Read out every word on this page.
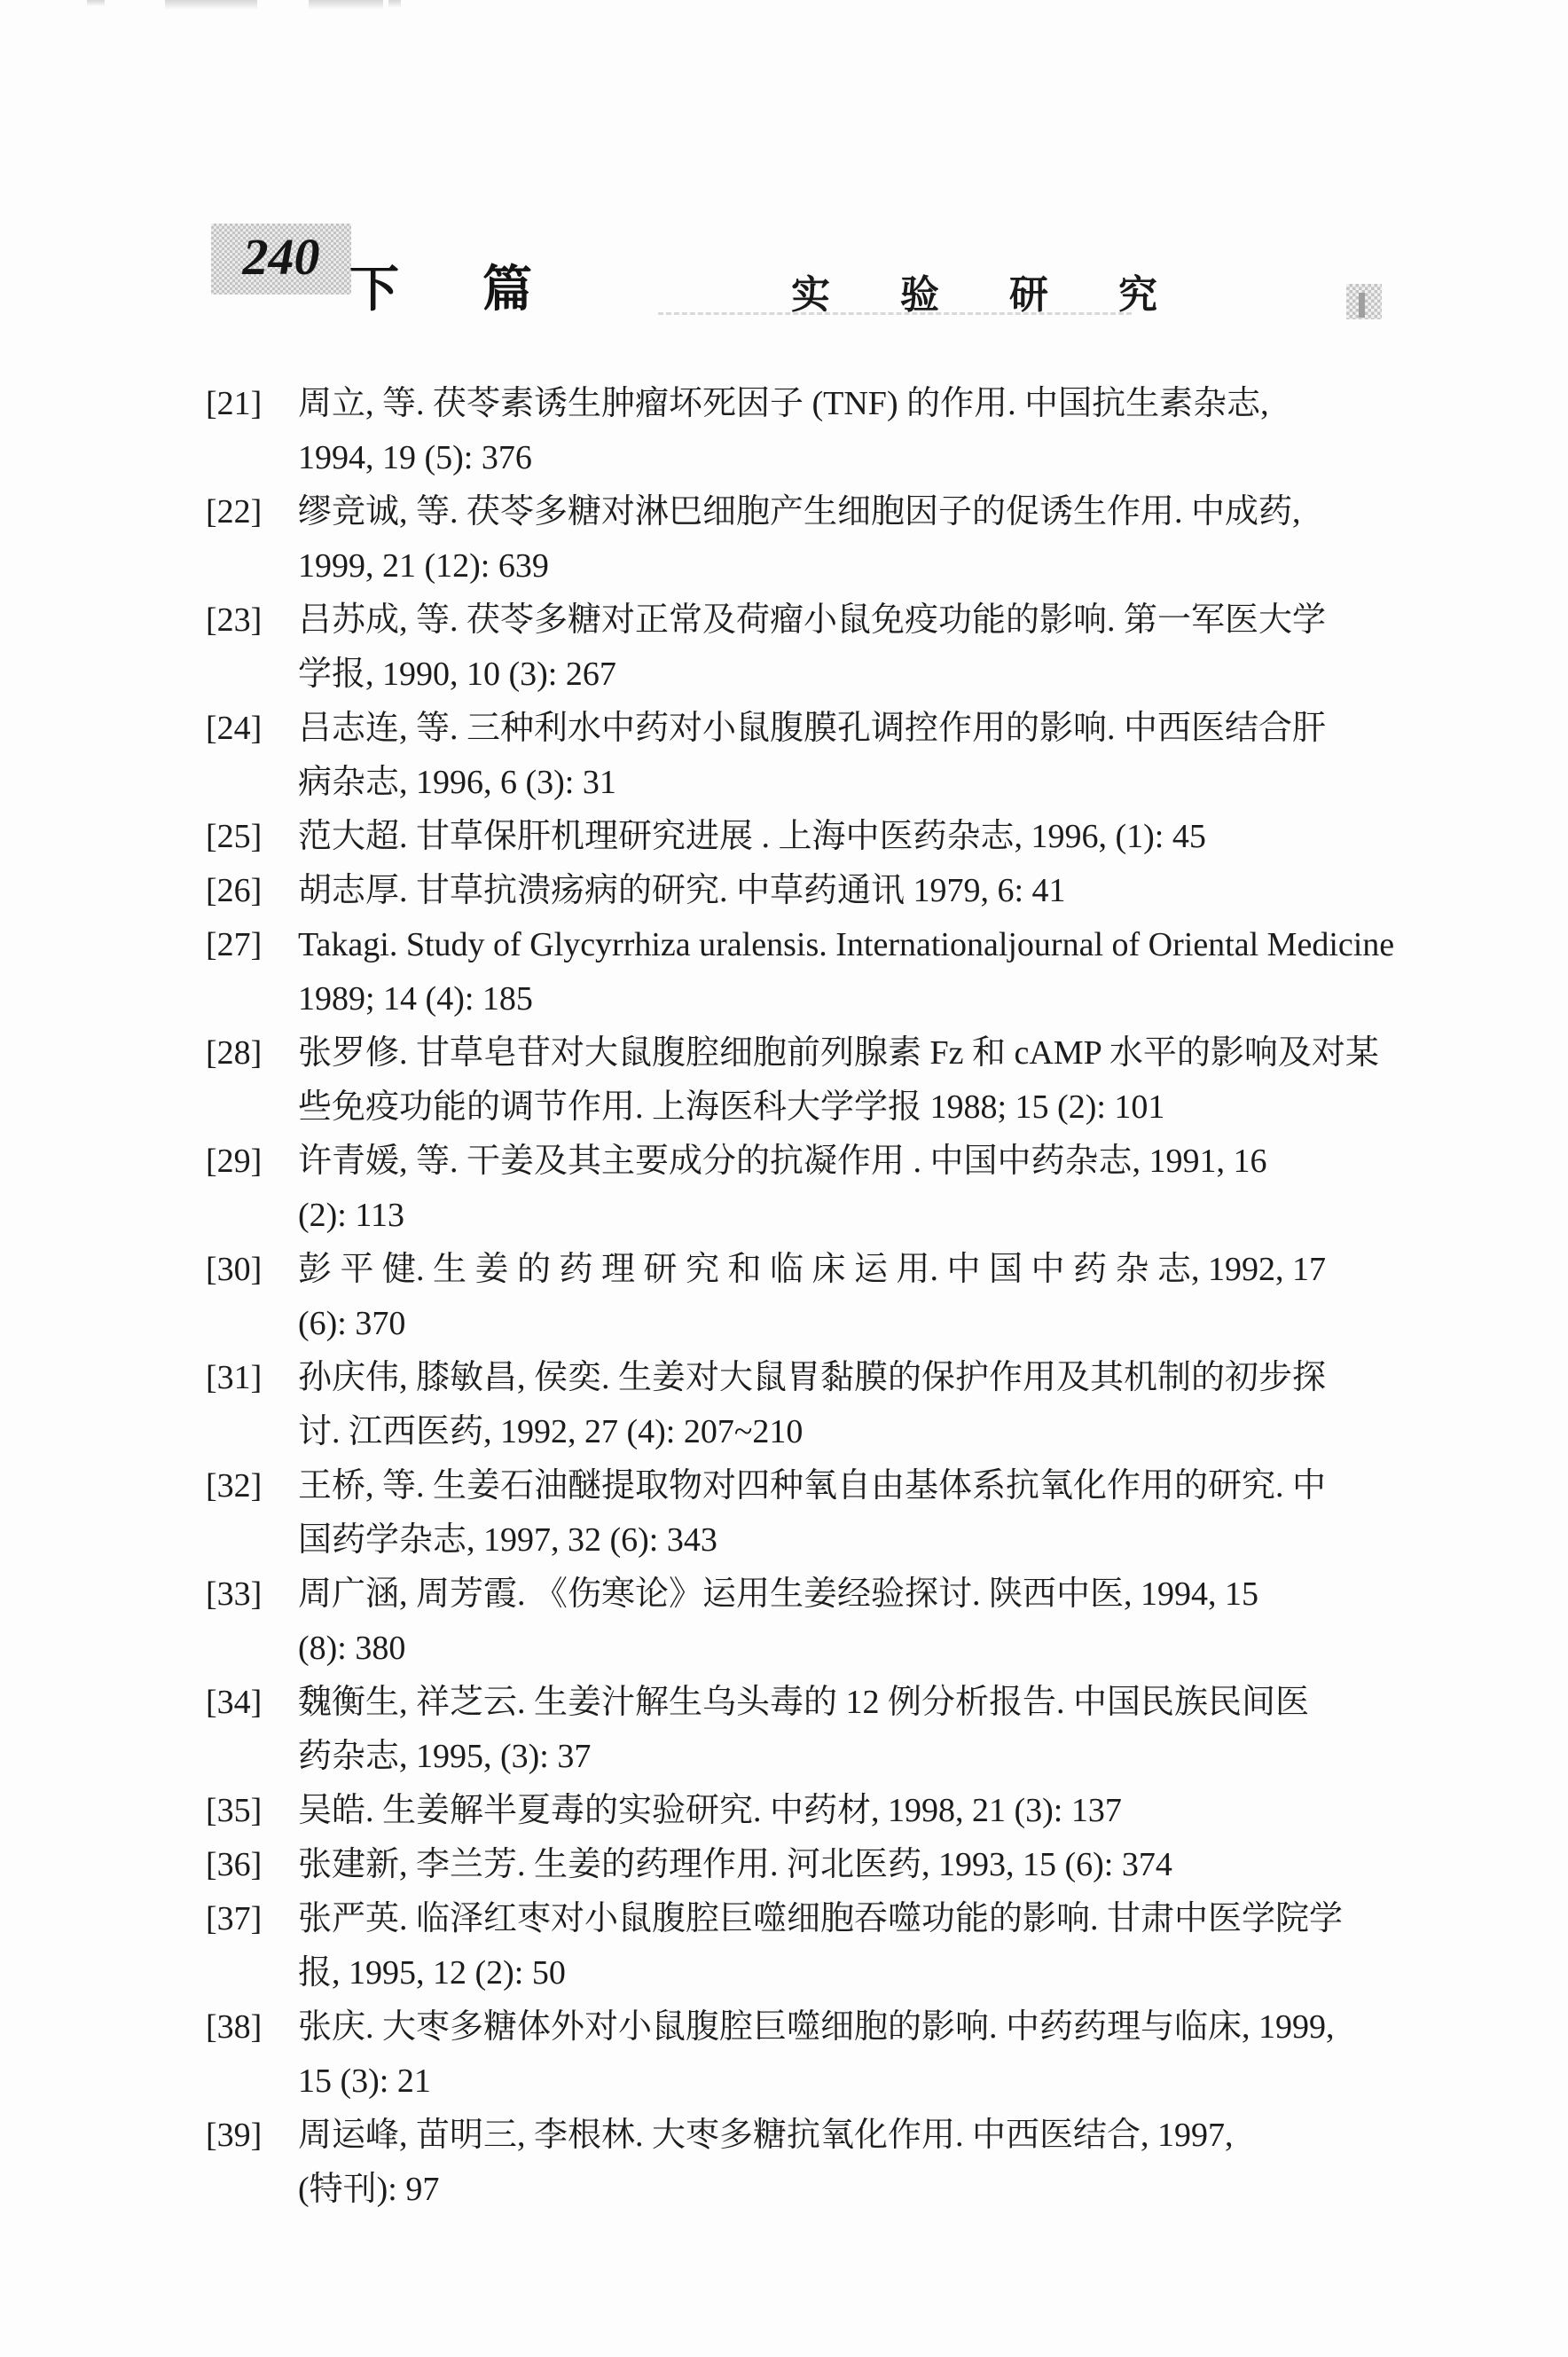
240
下 篇	实 验 研 究
[21]	周立, 等. 茯苓素诱生肿瘤坏死因子 (TNF) 的作用. 中国抗生素杂志,
1994, 19 (5): 376
[22]	缪竞诚, 等. 茯苓多糖对淋巴细胞产生细胞因子的促诱生作用. 中成药,
1999, 21 (12): 639
[23]	吕苏成, 等. 茯苓多糖对正常及荷瘤小鼠免疫功能的影响. 第一军医大学
学报, 1990, 10 (3): 267
[24]	吕志连, 等. 三种利水中药对小鼠腹膜孔调控作用的影响. 中西医结合肝
病杂志, 1996, 6 (3): 31
[25]	范大超. 甘草保肝机理研究进展 . 上海中医药杂志, 1996, (1): 45
[26]	胡志厚. 甘草抗溃疡病的研究. 中草药通讯 1979, 6: 41
[27]	Takagi. Study of Glycyrrhiza uralensis. Internationaljournal of Oriental Medicine
1989; 14 (4): 185
[28]	张罗修. 甘草皂苷对大鼠腹腔细胞前列腺素 Fz 和 cAMP 水平的影响及对某
些免疫功能的调节作用. 上海医科大学学报 1988; 15 (2): 101
[29]	许青媛, 等. 干姜及其主要成分的抗凝作用 . 中国中药杂志, 1991, 16
(2): 113
[30]	彭 平 健. 生 姜 的 药 理 研 究 和 临 床 运 用. 中 国 中 药 杂 志, 1992, 17
(6): 370
[31]	孙庆伟, 膝敏昌, 侯奕. 生姜对大鼠胃黏膜的保护作用及其机制的初步探
讨. 江西医药, 1992, 27 (4): 207~210
[32]	王桥, 等. 生姜石油醚提取物对四种氧自由基体系抗氧化作用的研究. 中
国药学杂志, 1997, 32 (6): 343
[33]	周广涵, 周芳霞. 《伤寒论》运用生姜经验探讨. 陕西中医, 1994, 15
(8): 380
[34]	魏衡生, 祥芝云. 生姜汁解生乌头毒的 12 例分析报告. 中国民族民间医
药杂志, 1995, (3): 37
[35]	吴皓. 生姜解半夏毒的实验研究. 中药材, 1998, 21 (3): 137
[36]	张建新, 李兰芳. 生姜的药理作用. 河北医药, 1993, 15 (6): 374
[37]	张严英. 临泽红枣对小鼠腹腔巨噬细胞吞噬功能的影响. 甘肃中医学院学
报, 1995, 12 (2): 50
[38]	张庆. 大枣多糖体外对小鼠腹腔巨噬细胞的影响. 中药药理与临床, 1999,
15 (3): 21
[39]	周运峰, 苗明三, 李根林. 大枣多糖抗氧化作用. 中西医结合, 1997,
(特刊): 97
